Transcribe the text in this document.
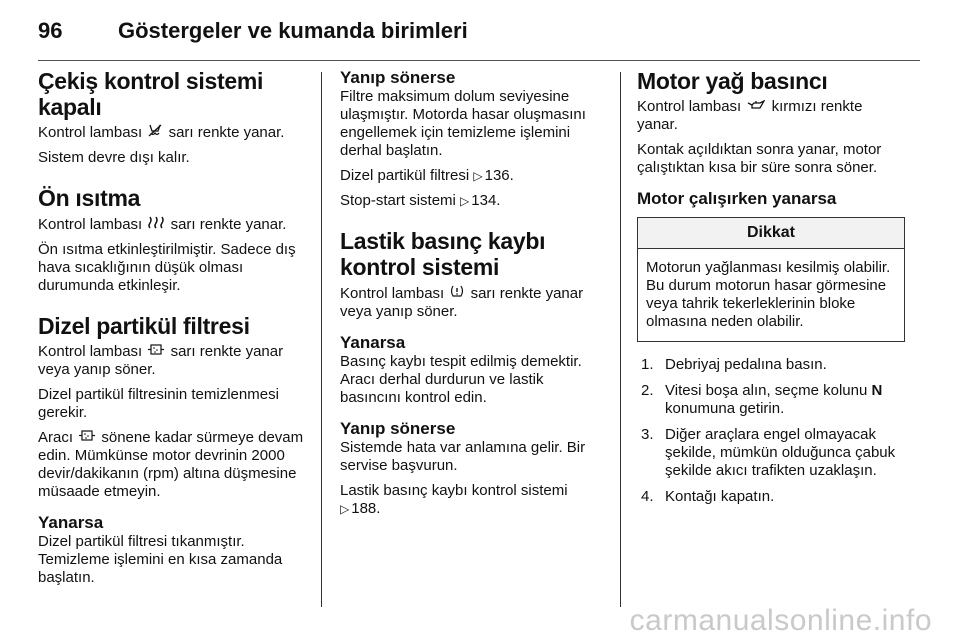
96	Göstergeler ve kumanda birimleri
Çekiş kontrol sistemi kapalı

Kontrol lambası sarı renkte yanar.

Sistem devre dışı kalır.

Ön ısıtma

Kontrol lambası sarı renkte yanar.

Ön ısıtma etkinleştirilmiştir. Sadece dış hava sıcaklığının düşük olması durumunda etkinleşir.

Dizel partikül filtresi

Kontrol lambası sarı renkte yanar veya yanıp söner.

Dizel partikül filtresinin temizlenmesi gerekir.

Aracı sönene kadar sürmeye devam edin. Mümkünse motor devrinin 2000 devir/dakikanın (rpm) altına düşmesine müsaade etmeyin.

Yanarsa

Dizel partikül filtresi tıkanmıştır. Temizleme işlemini en kısa zamanda başlatın.

Yanıp sönerse

Filtre maksimum dolum seviyesine ulaşmıştır. Motorda hasar oluşmasını engellemek için temizleme işlemini derhal başlatın.

Dizel partikül filtresi ▷ 136.

Stop-start sistemi ▷ 134.

Lastik basınç kaybı kontrol sistemi

Kontrol lambası sarı renkte yanar veya yanıp söner.

Yanarsa

Basınç kaybı tespit edilmiş demektir. Aracı derhal durdurun ve lastik basıncını kontrol edin.

Yanıp sönerse

Sistemde hata var anlamına gelir. Bir servise başvurun.

Lastik basınç kaybı kontrol sistemi
▷ 188.

Motor yağ basıncı

Kontrol lambası kırmızı renkte yanar.

Kontak açıldıktan sonra yanar, motor çalıştıktan kısa bir süre sonra söner.

Motor çalışırken yanarsa
Dikkat

Motorun yağlanması kesilmiş olabilir. Bu durum motorun hasar görmesine veya tahrik tekerleklerinin bloke olmasına neden olabilir.

1. Debriyaj pedalına basın.
2. Vitesi boşa alın, seçme kolunu N konumuna getirin.
3. Diğer araçlara engel olmayacak şekilde, mümkün olduğunca çabuk şekilde akıcı trafikten uzaklaşın.
4. Kontağı kapatın.
carmanualsonline.info
